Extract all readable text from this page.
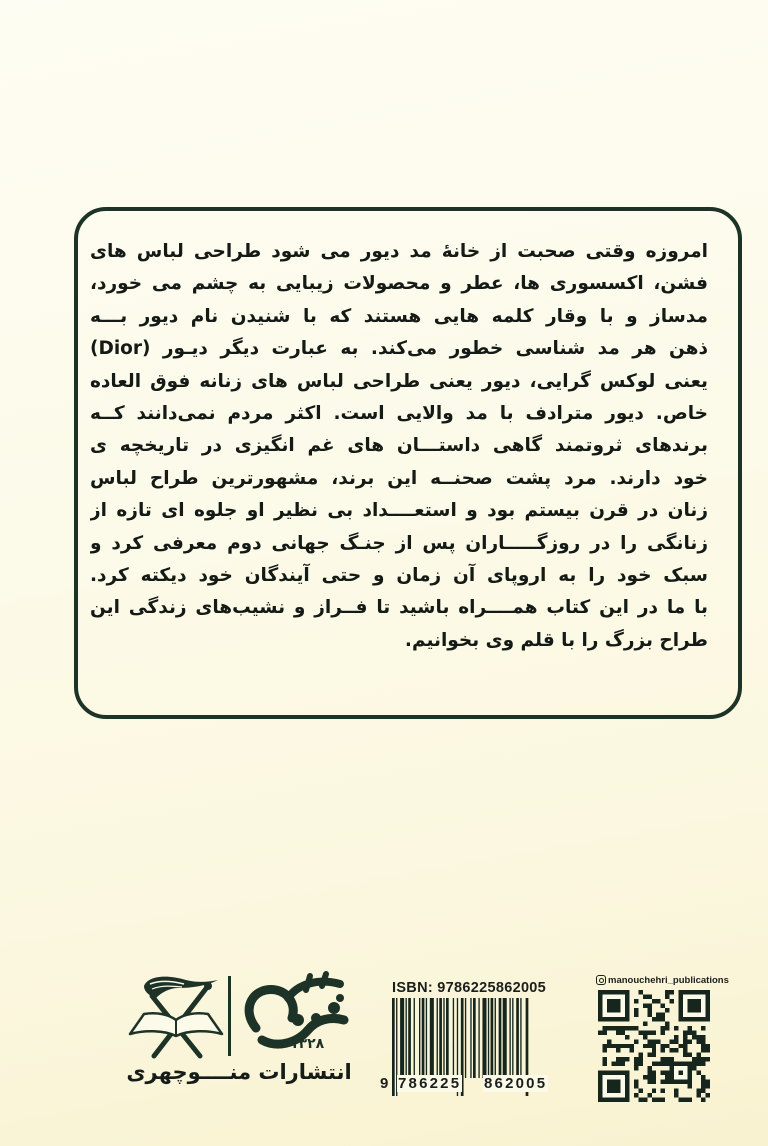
امروزه وقتی صحبت از خانهٔ مد دیور می شود طراحی لباس های
فشن، اکسسوری ها، عطر و محصولات زیبایی به چشم می خورد،
مدساز و با وقار کلمه هایی هستند که با شنیدن نام دیور بـــه
ذهن هر مد شناسی خطور می‌کند. به عبارت دیگر دیـور (Dior)
یعنی لوکس گرایی، دیور یعنی طراحی لباس های زنانه فوق العاده
خاص. دیور مترادف با مد والایی است. اکثر مردم نمی‌دانند کــه
برندهای ثروتمند گاهی داستـــان های غم انگیزی در تاریخچه ی
خود دارند. مرد پشت صحنــه این برند، مشهورترین طراح لباس
زنان در قرن بیستم بود و استعــــداد بی نظیر او جلوه ای تازه از
زنانگی را در روزگـــــاران پس از جنـگ جهانی دوم معرفی کرد و
سبک خود را به اروپای آن زمان و حتی آیندگان خود دیکته کرد.
با ما در این کتاب همــــراه باشید تا فــراز و نشیب‌های زندگی این
طراح بزرگ را با قلم وی بخوانیم.
۱۳۲۸
انتشارات منــــوچهری
ISBN: 9786225862005
9 786225 862005
manouchehri_publications
